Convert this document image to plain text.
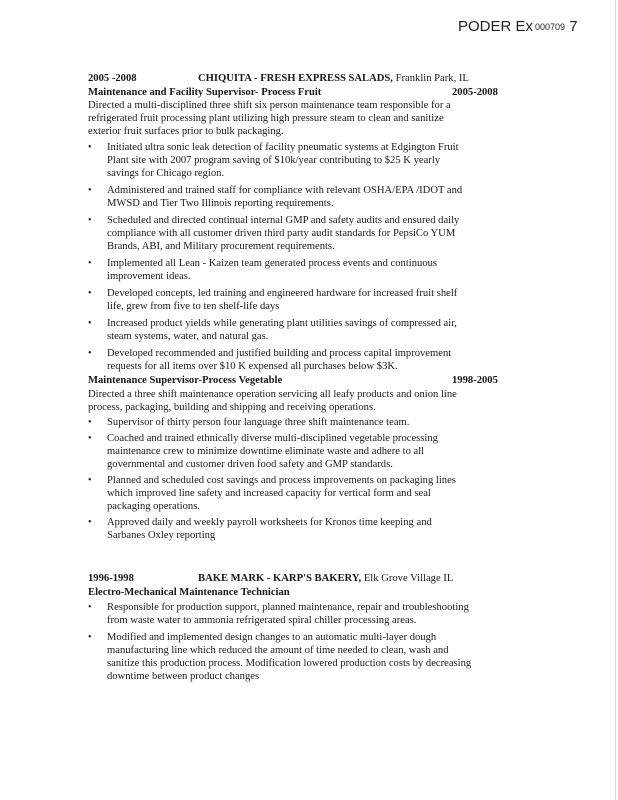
PODER Ex 000709 7
2005 -2008	CHIQUITA - FRESH EXPRESS SALADS, Franklin Park, IL
Maintenance and Facility Supervisor- Process Fruit	2005-2008
Directed a multi-disciplined three shift six person maintenance team responsible for a
refrigerated fruit processing plant utilizing high pressure steam to clean and sanitize
exterior fruit surfaces prior to bulk packaging.
• Initiated ultra sonic leak detection of facility pneumatic systems at Edgington Fruit
Plant site with 2007 program saving of $10k/year contributing to $25 K yearly
savings for Chicago region.
• Administered and trained staff for compliance with relevant OSHA/EPA /IDOT and
MWSD and Tier Two Illinois reporting requirements.
• Scheduled and directed continual internal GMP and safety audits and ensured daily
compliance with all customer driven third party audit standards for PepsiCo YUM
Brands, ABI, and Military procurement requirements.
• Implemented all Lean - Kaizen team generated process events and continuous
improvement ideas.
• Developed concepts, led training and engineered hardware for increased fruit shelf
life, grew from five to ten shelf-life days
• Increased product yields while generating plant utilities savings of compressed air,
steam systems, water, and natural gas.
• Developed recommended and justified building and process capital improvement
requests for all items over $10 K expensed all purchases below $3K.
Maintenance Supervisor-Process Vegetable	1998-2005
Directed a three shift maintenance operation servicing all leafy products and onion line
process, packaging, building and shipping and receiving operations.
• Supervisor of thirty person four language three shift maintenance team.
• Coached and trained ethnically diverse multi-disciplined vegetable processing
maintenance crew to minimize downtime eliminate waste and adhere to all
governmental and customer driven food safety and GMP standards.
• Planned and scheduled cost savings and process improvements on packaging lines
which improved line safety and increased capacity for vertical form and seal
packaging operations.
• Approved daily and weekly payroll worksheets for Kronos time keeping and
Sarbanes Oxley reporting
1996-1998	BAKE MARK - KARP'S BAKERY, Elk Grove Village IL
Electro-Mechanical Maintenance Technician
• Responsible for production support, planned maintenance, repair and troubleshooting
from waste water to ammonia refrigerated spiral chiller processing areas.
• Modified and implemented design changes to an automatic multi-layer dough
manufacturing line which reduced the amount of time needed to clean, wash and
sanitize this production process. Modification lowered production costs by decreasing
downtime between product changes
